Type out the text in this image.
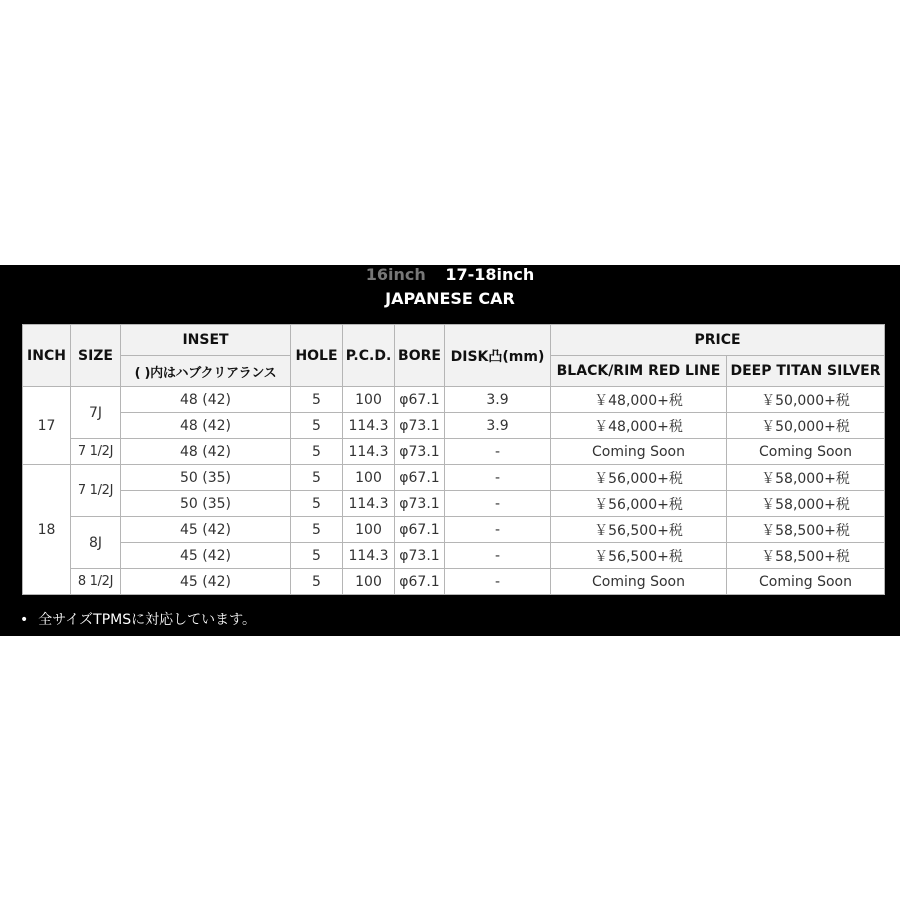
16inch 17-18inch
JAPANESE CAR
INCH	SIZE	INSET	HOLE	P.C.D.	BORE	DISK凸(mm)	PRICE	
		( )内はハブクリアランス					BLACK/RIM RED LINE	DEEP TITAN SILVER
17	7J	48 (42)	5	100	φ67.1	3.9	￥48,000+税	￥50,000+税
		48 (42)	5	114.3	φ73.1	3.9	￥48,000+税	￥50,000+税
	7 1/2J	48 (42)	5	114.3	φ73.1	-	Coming Soon	Coming Soon
18	7 1/2J	50 (35)	5	100	φ67.1	-	￥56,000+税	￥58,000+税
		50 (35)	5	114.3	φ73.1	-	￥56,000+税	￥58,000+税
	8J	45 (42)	5	100	φ67.1	-	￥56,500+税	￥58,500+税
		45 (42)	5	114.3	φ73.1	-	￥56,500+税	￥58,500+税
	8 1/2J	45 (42)	5	100	φ67.1	-	Coming Soon	Coming Soon
• 全サイズTPMSに対応しています。
